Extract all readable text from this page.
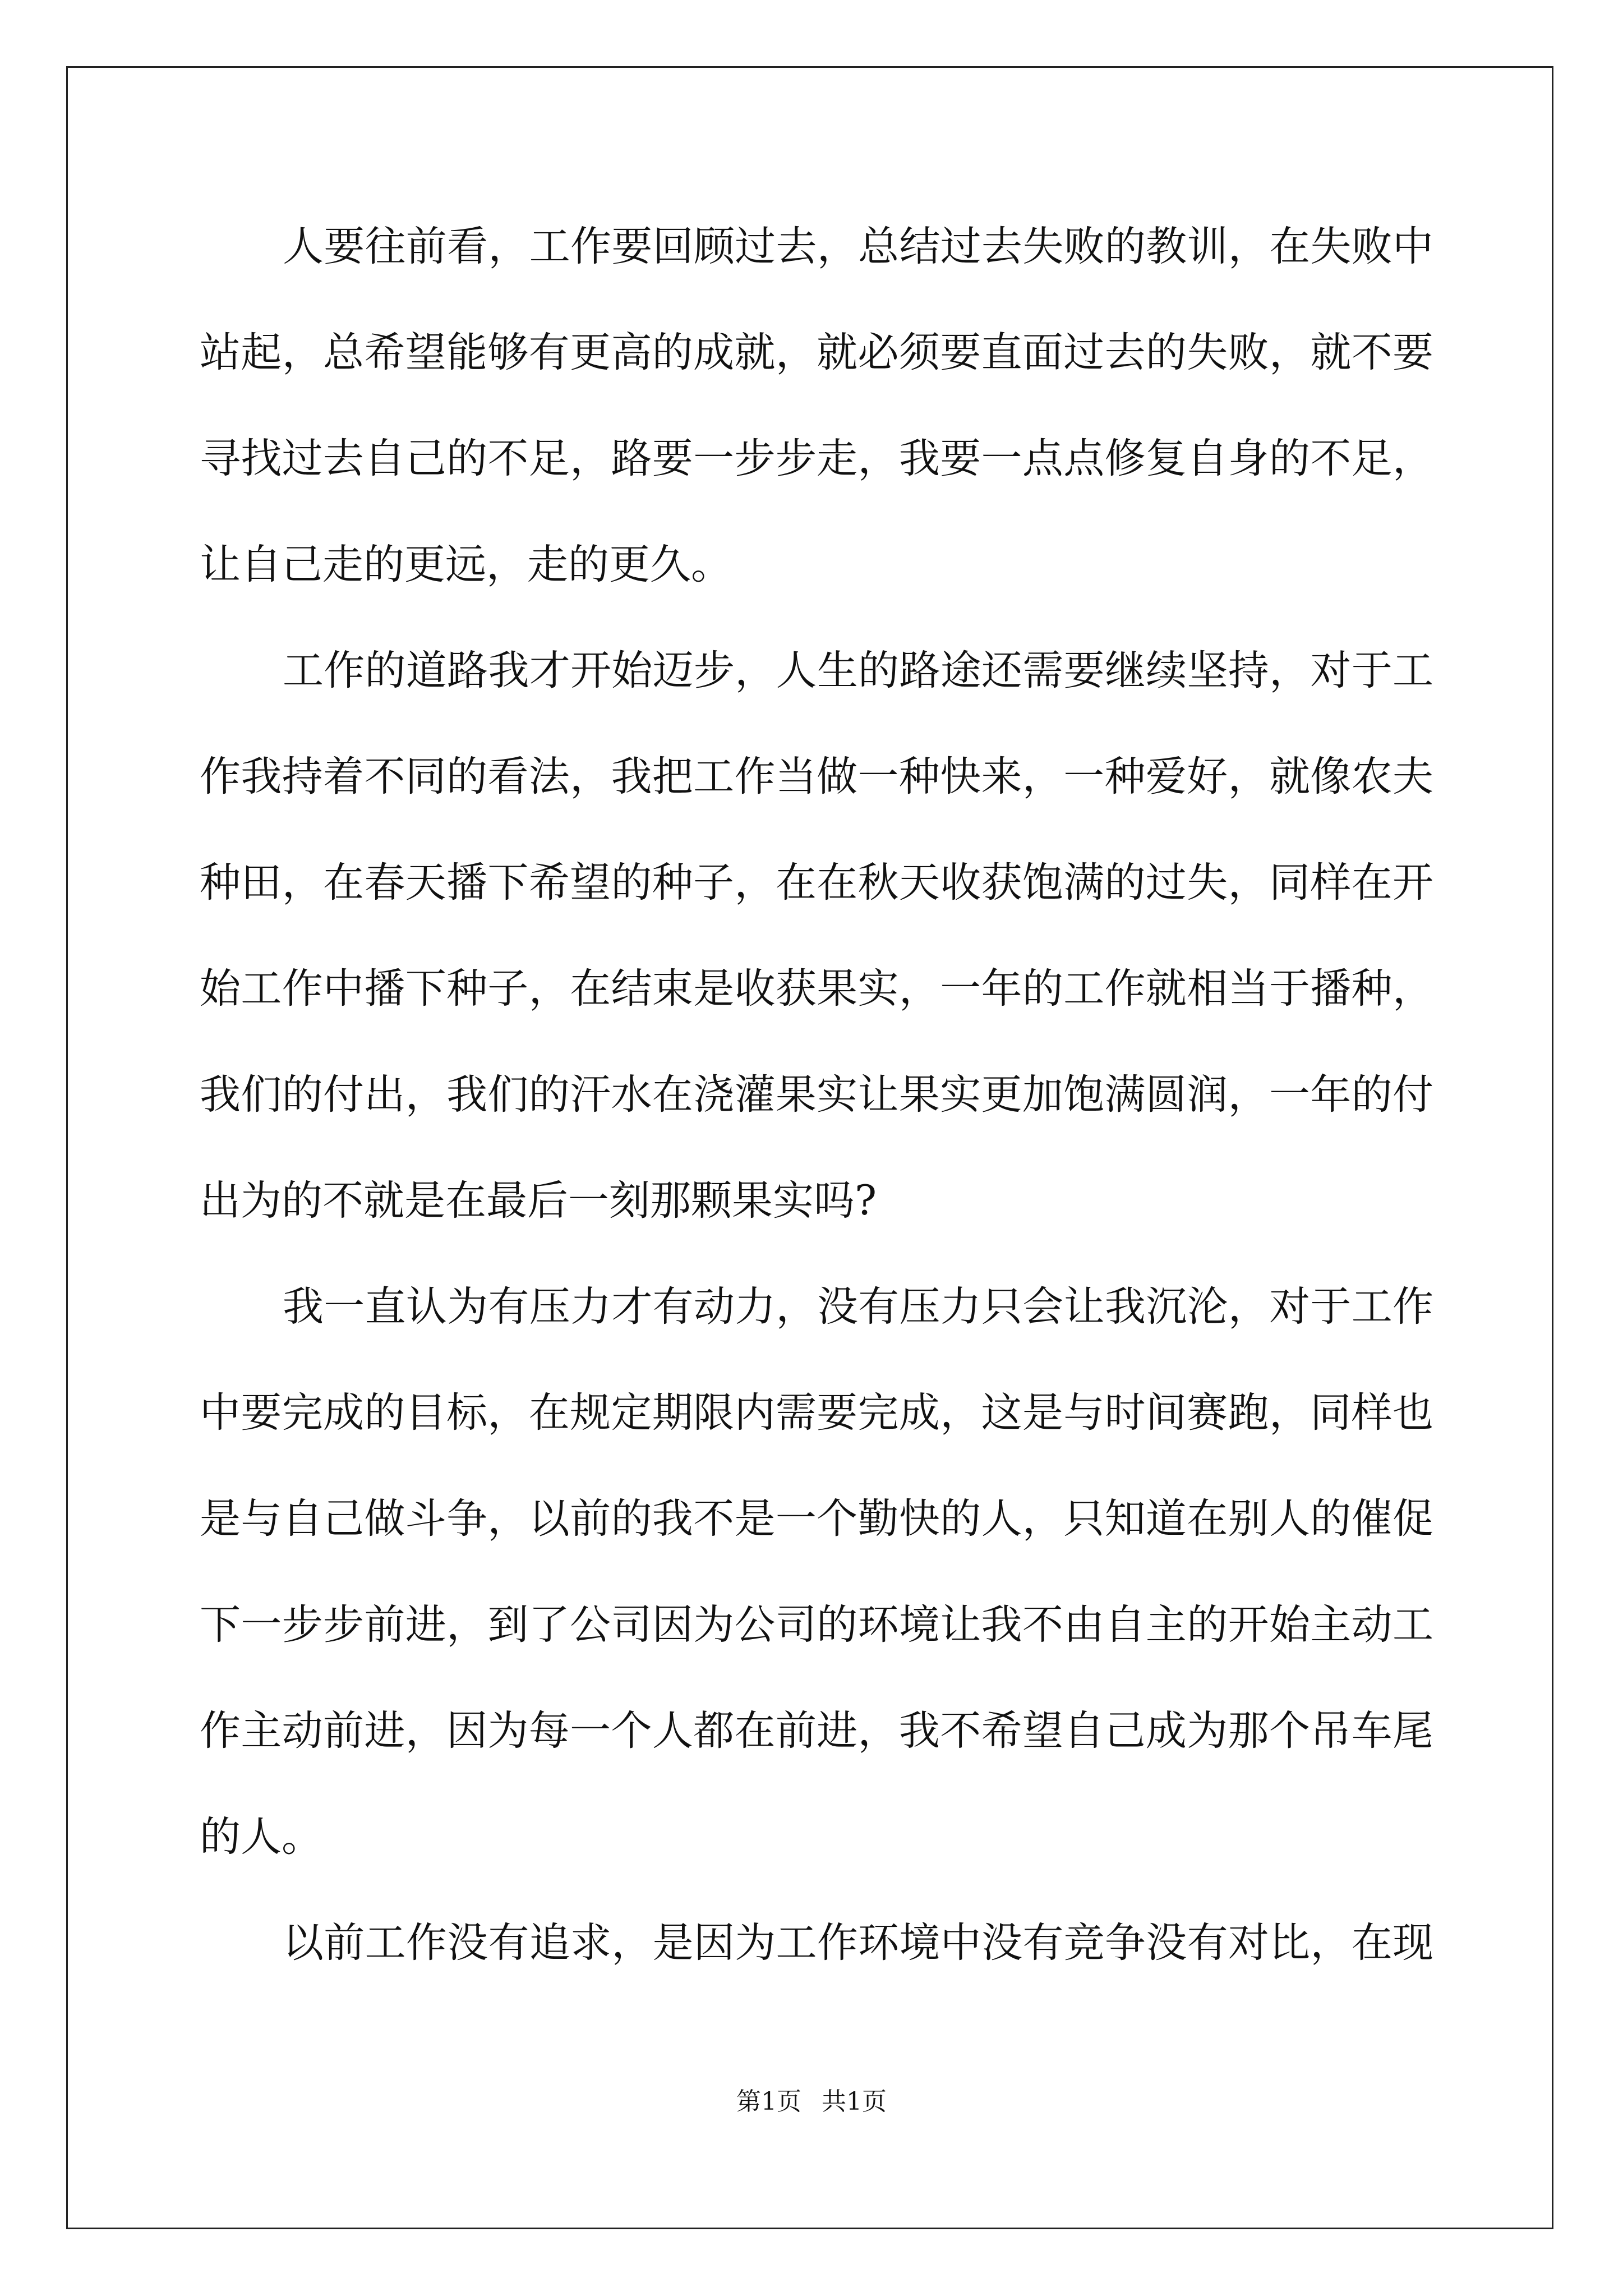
人要往前看，工作要回顾过去，总结过去失败的教训，在失败中
站起，总希望能够有更高的成就，就必须要直面过去的失败，就不要
寻找过去自己的不足，路要一步步走，我要一点点修复自身的不足，
让自己走的更远，走的更久。
工作的道路我才开始迈步，人生的路途还需要继续坚持，对于工
作我持着不同的看法，我把工作当做一种快来，一种爱好，就像农夫
种田，在春天播下希望的种子，在在秋天收获饱满的过失，同样在开
始工作中播下种子，在结束是收获果实，一年的工作就相当于播种，
我们的付出，我们的汗水在浇灌果实让果实更加饱满圆润，一年的付
出为的不就是在最后一刻那颗果实吗?
我一直认为有压力才有动力，没有压力只会让我沉沦，对于工作
中要完成的目标，在规定期限内需要完成，这是与时间赛跑，同样也
是与自己做斗争，以前的我不是一个勤快的人，只知道在别人的催促
下一步步前进，到了公司因为公司的环境让我不由自主的开始主动工
作主动前进，因为每一个人都在前进，我不希望自己成为那个吊车尾
的人。
以前工作没有追求，是因为工作环境中没有竞争没有对比，在现
第1页 共1页
